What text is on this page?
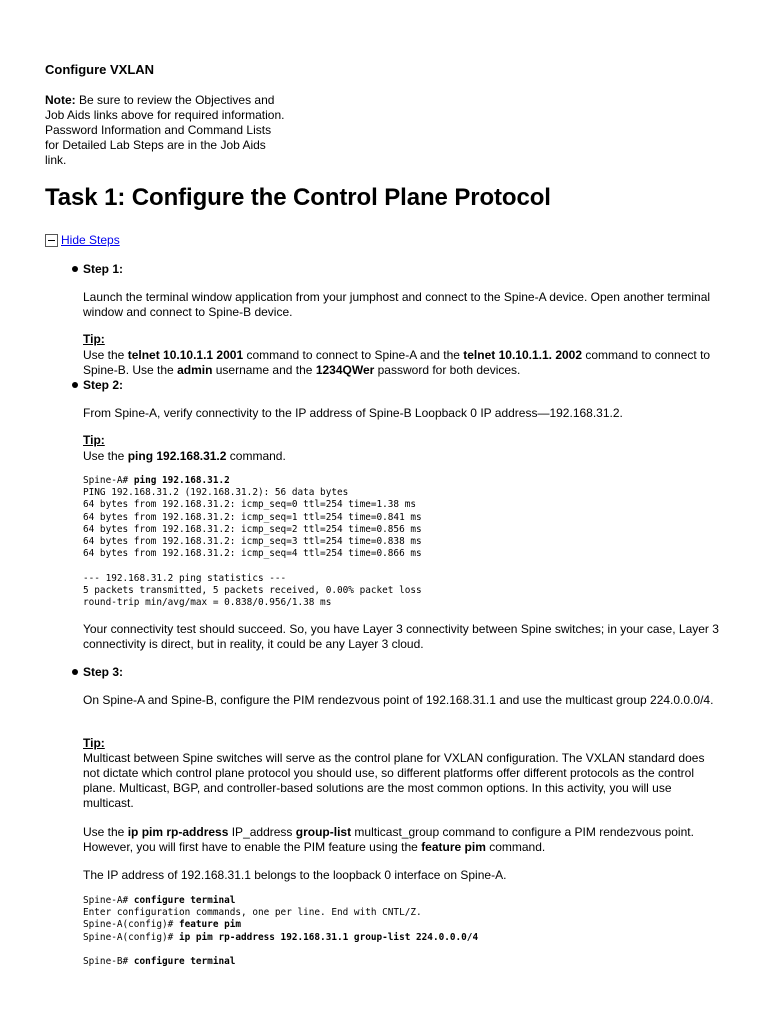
Configure VXLAN

Note: Be sure to review the Objectives and Job Aids links above for required information. Password Information and Command Lists for Detailed Lab Steps are in the Job Aids link.

Task 1: Configure the Control Plane Protocol
Hide Steps
Step 1:

Launch the terminal window application from your jumphost and connect to the Spine-A device. Open another terminal window and connect to Spine-B device.

Tip:

Use the telnet 10.10.1.1 2001 command to connect to Spine-A and the telnet 10.10.1.1. 2002 command to connect to Spine-B. Use the admin username and the 1234QWer password for both devices.

Step 2:

From Spine-A, verify connectivity to the IP address of Spine-B Loopback 0 IP address—192.168.31.2.

Tip:

Use the ping 192.168.31.2 command.

Spine-A# ping 192.168.31.2
PING 192.168.31.2 (192.168.31.2): 56 data bytes
64 bytes from 192.168.31.2: icmp_seq=0 ttl=254 time=1.38 ms
64 bytes from 192.168.31.2: icmp_seq=1 ttl=254 time=0.841 ms
64 bytes from 192.168.31.2: icmp_seq=2 ttl=254 time=0.856 ms
64 bytes from 192.168.31.2: icmp_seq=3 ttl=254 time=0.838 ms
64 bytes from 192.168.31.2: icmp_seq=4 ttl=254 time=0.866 ms

--- 192.168.31.2 ping statistics ---
5 packets transmitted, 5 packets received, 0.00% packet loss
round-trip min/avg/max = 0.838/0.956/1.38 ms

Your connectivity test should succeed. So, you have Layer 3 connectivity between Spine switches; in your case, Layer 3 connectivity is direct, but in reality, it could be any Layer 3 cloud.

Step 3:

On Spine-A and Spine-B, configure the PIM rendezvous point of 192.168.31.1 and use the multicast group 224.0.0.0/4.

Tip:

Multicast between Spine switches will serve as the control plane for VXLAN configuration. The VXLAN standard does not dictate which control plane protocol you should use, so different platforms offer different protocols as the control plane. Multicast, BGP, and controller-based solutions are the most common options. In this activity, you will use multicast.

Use the ip pim rp-address IP_address group-list multicast_group command to configure a PIM rendezvous point. However, you will first have to enable the PIM feature using the feature pim command.

The IP address of 192.168.31.1 belongs to the loopback 0 interface on Spine-A.

Spine-A# configure terminal
Enter configuration commands, one per line. End with CNTL/Z.
Spine-A(config)# feature pim
Spine-A(config)# ip pim rp-address 192.168.31.1 group-list 224.0.0.0/4

Spine-B# configure terminal
